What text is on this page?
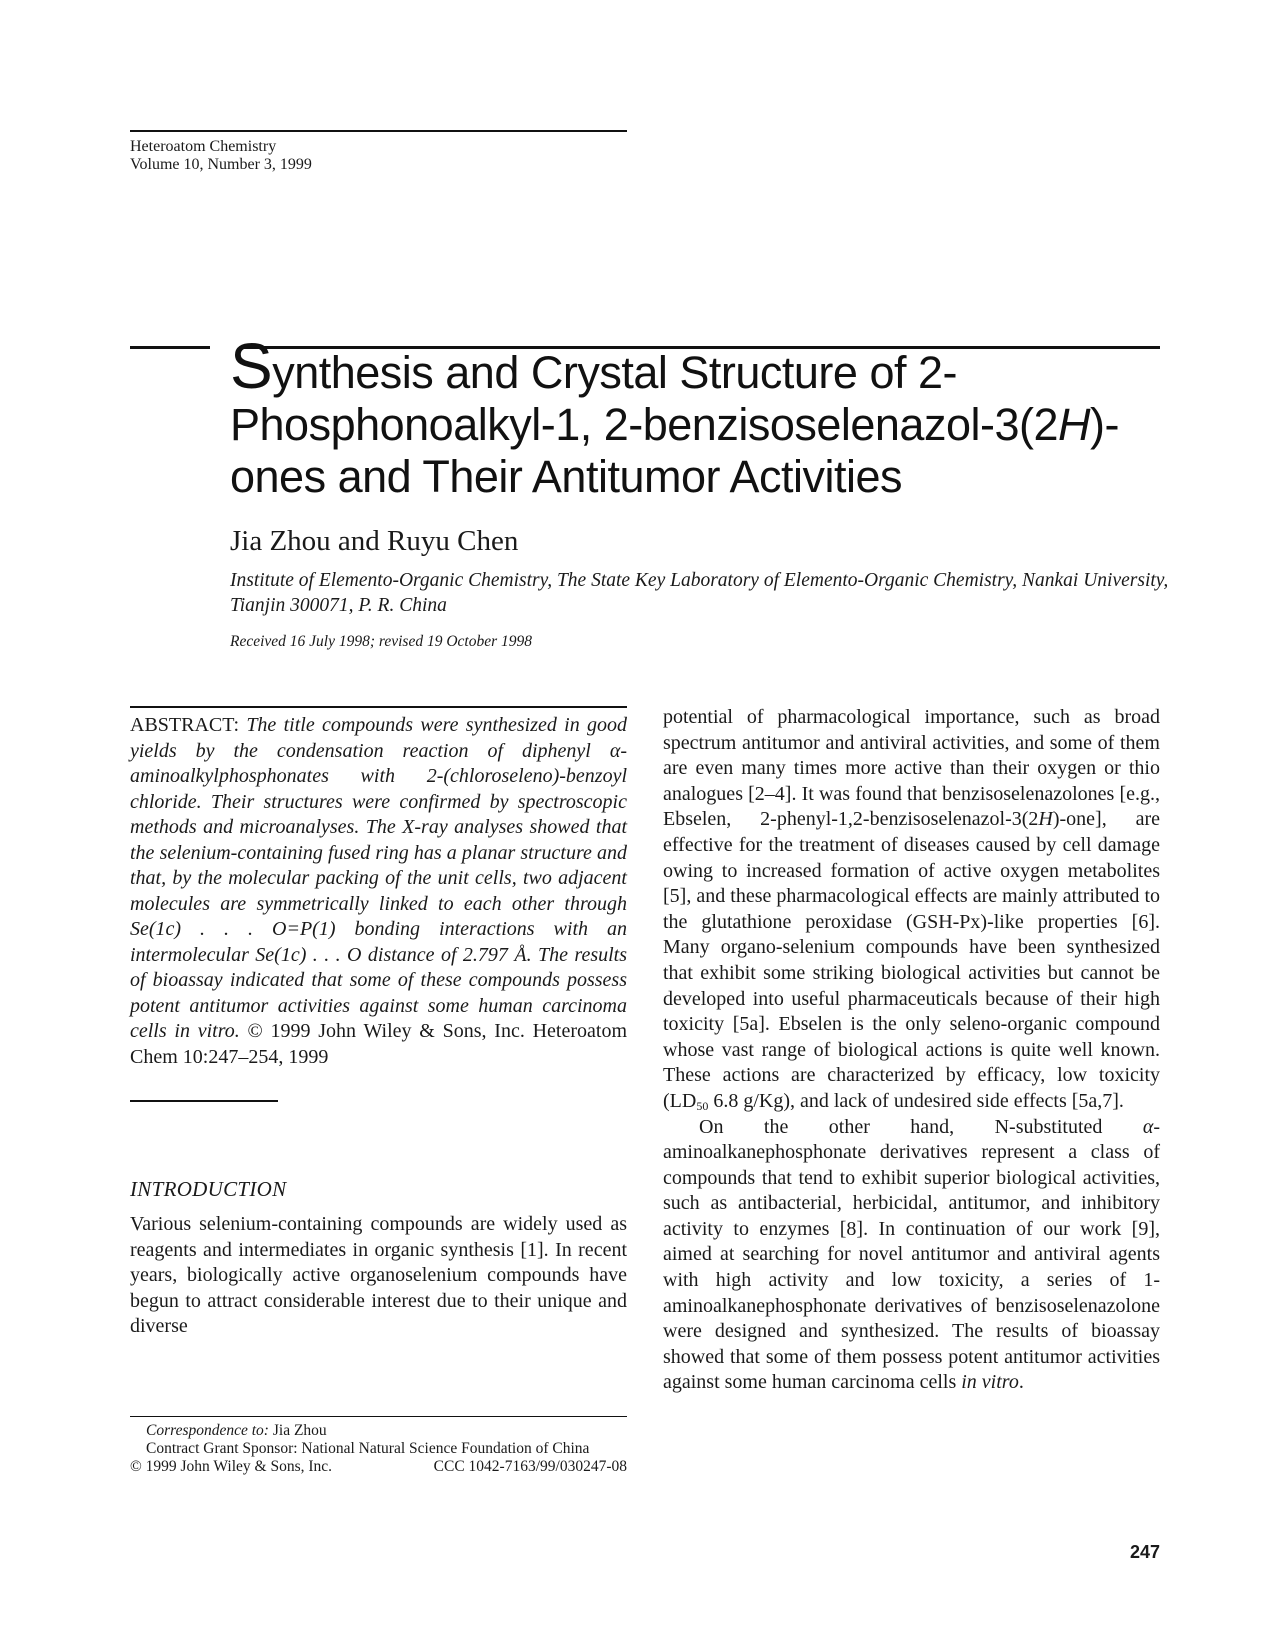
Heteroatom Chemistry
Volume 10, Number 3, 1999
Synthesis and Crystal Structure of 2-
Phosphonoalkyl-1, 2-benzisoselenazol-3(2H)-
ones and Their Antitumor Activities
Jia Zhou and Ruyu Chen
Institute of Elemento-Organic Chemistry, The State Key Laboratory of Elemento-Organic Chemistry, Nankai University, Tianjin 300071, P. R. China
Received 16 July 1998; revised 19 October 1998
ABSTRACT: The title compounds were synthesized in good yields by the condensation reaction of diphenyl α-aminoalkylphosphonates with 2-(chloroseleno)-benzoyl chloride. Their structures were confirmed by spectroscopic methods and microanalyses. The X-ray analyses showed that the selenium-containing fused ring has a planar structure and that, by the molecular packing of the unit cells, two adjacent molecules are symmetrically linked to each other through Se(1c) . . . O=P(1) bonding interactions with an intermolecular Se(1c) . . . O distance of 2.797 Å. The results of bioassay indicated that some of these compounds possess potent antitumor activities against some human carcinoma cells in vitro. © 1999 John Wiley & Sons, Inc. Heteroatom Chem 10:247–254, 1999
INTRODUCTION
Various selenium-containing compounds are widely used as reagents and intermediates in organic synthesis [1]. In recent years, biologically active organoselenium compounds have begun to attract considerable interest due to their unique and diverse
Correspondence to: Jia Zhou
Contract Grant Sponsor: National Natural Science Foundation of China
© 1999 John Wiley & Sons, Inc.	CCC 1042-7163/99/030247-08

potential of pharmacological importance, such as broad spectrum antitumor and antiviral activities, and some of them are even many times more active than their oxygen or thio analogues [2–4]. It was found that benzisoselenazolones [e.g., Ebselen, 2-phenyl-1,2-benzisoselenazol-3(2H)-one], are effective for the treatment of diseases caused by cell damage owing to increased formation of active oxygen metabolites [5], and these pharmacological effects are mainly attributed to the glutathione peroxidase (GSH-Px)-like properties [6]. Many organo-selenium compounds have been synthesized that exhibit some striking biological activities but cannot be developed into useful pharmaceuticals because of their high toxicity [5a]. Ebselen is the only seleno-organic compound whose vast range of biological actions is quite well known. These actions are characterized by efficacy, low toxicity ($LD_{50}$ 6.8 g/Kg), and lack of undesired side effects [5a,7].

On the other hand, N-substituted α-aminoalkanephosphonate derivatives represent a class of compounds that tend to exhibit superior biological activities, such as antibacterial, herbicidal, antitumor, and inhibitory activity to enzymes [8]. In continuation of our work [9], aimed at searching for novel antitumor and antiviral agents with high activity and low toxicity, a series of 1-aminoalkanephosphonate derivatives of benzisoselenazolone were designed and synthesized. The results of bioassay showed that some of them possess potent antitumor activities against some human carcinoma cells in vitro.

247
